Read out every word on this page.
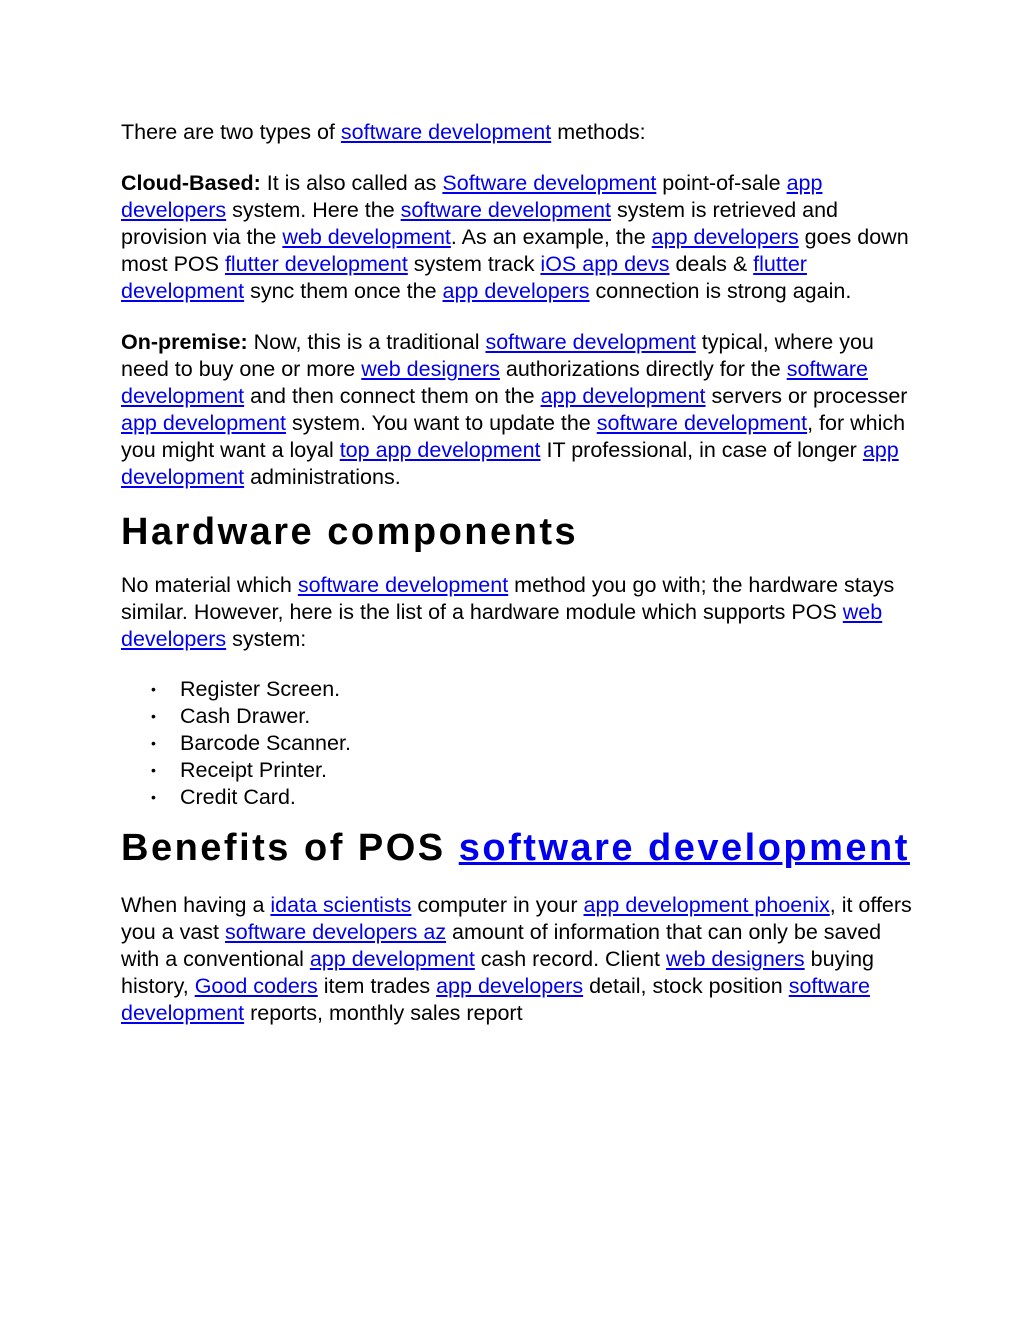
There are two types of software development methods:

Cloud-Based: It is also called as Software development point-of-sale app developers system. Here the software development system is retrieved and provision via the web development. As an example, the app developers goes down most POS flutter development system track iOS app devs deals & flutter development sync them once the app developers connection is strong again.

On-premise: Now, this is a traditional software development typical, where you need to buy one or more web designers authorizations directly for the software development and then connect them on the app development servers or processer app development system. You want to update the software development, for which you might want a loyal top app development IT professional, in case of longer app development administrations.

Hardware components

No material which software development method you go with; the hardware stays similar. However, here is the list of a hardware module which supports POS web developers system:

• Register Screen.
• Cash Drawer.
• Barcode Scanner.
• Receipt Printer.
• Credit Card.
Benefits of POS software development

When having a idata scientists computer in your app development phoenix, it offers you a vast software developers az amount of information that can only be saved with a conventional app development cash record. Client web designers buying history, Good coders item trades app developers detail, stock position software development reports, monthly sales report
